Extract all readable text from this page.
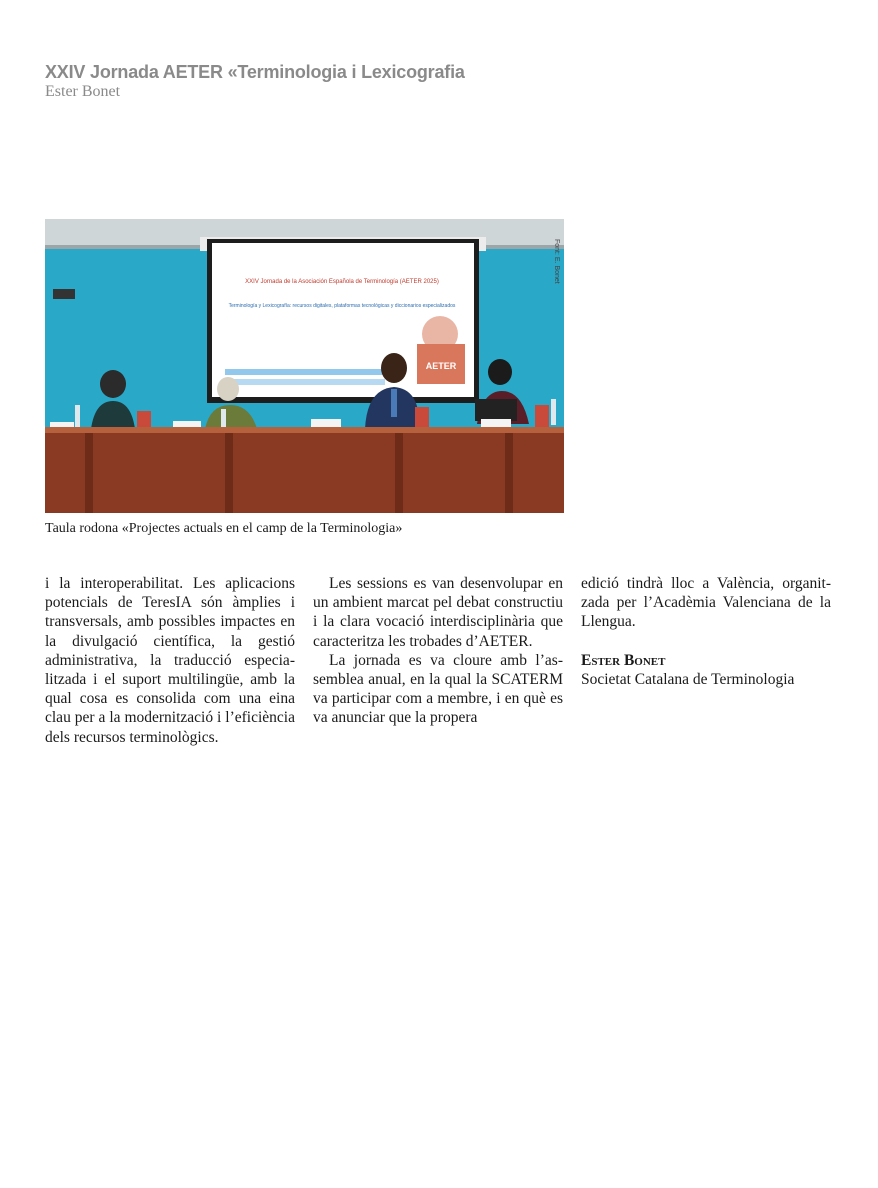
XXIV Jornada AETER «Terminologia i Lexicografia
Ester Bonet
XXIV Jornada de la Asociación Española de Terminología (AETER 2025)
Terminología y Lexicografía: recursos digitales, plataformas tecnológicas y diccionarios especializados
AETER
Font: E. Bonet
Taula rodona «Projectes actuals en el camp de la Terminologia»

i la interoperabilitat. Les aplicacions potencials de TeresIA són àmplies i transversals, amb possibles impactes en la divulgació científica, la gestió administrativa, la traducció especialitzada i el suport multilingüe, amb la qual cosa es consolida com una eina clau per a la modernització i l’eficiència dels recursos terminològics.

Les sessions es van desenvolupar en un ambient marcat pel debat constructiu i la clara vocació interdisciplinària que caracteritza les trobades d’AETER.

La jornada es va cloure amb l’assemblea anual, en la qual la SCATERM va participar com a membre, i en què es va anunciar que la propera

edició tindrà lloc a València, organitzada per l’Acadèmia Valenciana de la Llengua.

Ester Bonet

Societat Catalana de Terminologia
